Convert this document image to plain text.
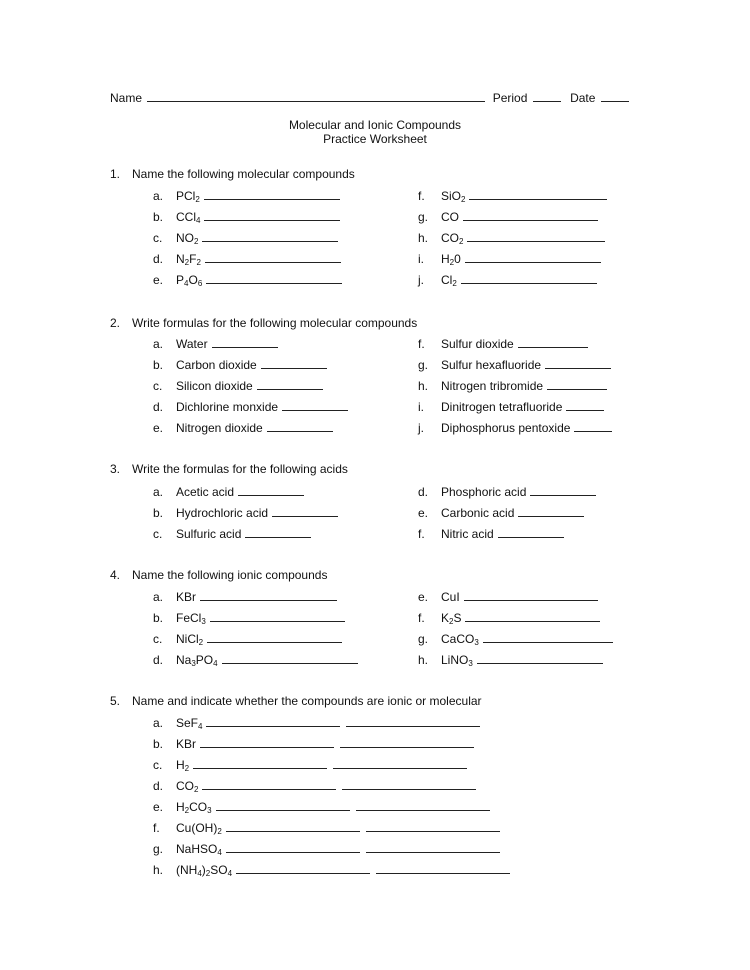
Name	Period	Date
Molecular and Ionic Compounds
Practice Worksheet
1. Name the following molecular compounds
a. PCl$_2$
b. CCl$_4$
c. $NO_2$
d. $N_2F_2$
e. $P_4O_6$
f. SiO$_2$
g. CO
h. $CO_2$
i. $H_20$
j. $Cl_2$
2. Write formulas for the following molecular compounds
a. Water
b. Carbon dioxide
c. Silicon dioxide
d. Dichlorine monxide
e. Nitrogen dioxide
f. Sulfur dioxide
g. Sulfur hexafluoride
h. Nitrogen tribromide
i. Dinitrogen tetrafluoride
j. Diphosphorus pentoxide
3. Write the formulas for the following acids
a. Acetic acid
b. Hydrochloric acid
c. Sulfuric acid
d. Phosphoric acid
e. Carbonic acid
f. Nitric acid
4. Name the following ionic compounds
a. KBr
b. FeCl$_3$
c. NiCl$_2$
d. $Na_3PO_4$
e. CuI
f. $K_2S$
g. CaCO$_3$
h. LiNO$_3$
5. Name and indicate whether the compounds are ionic or molecular
a. SeF$_4$
b. KBr
c. $H_2$
d. $CO_2$
e. $H_2CO_3$
f. $Cu(OH)_2$
g. NaHSO$_4$
h. $(NH_4)_2SO_4$
